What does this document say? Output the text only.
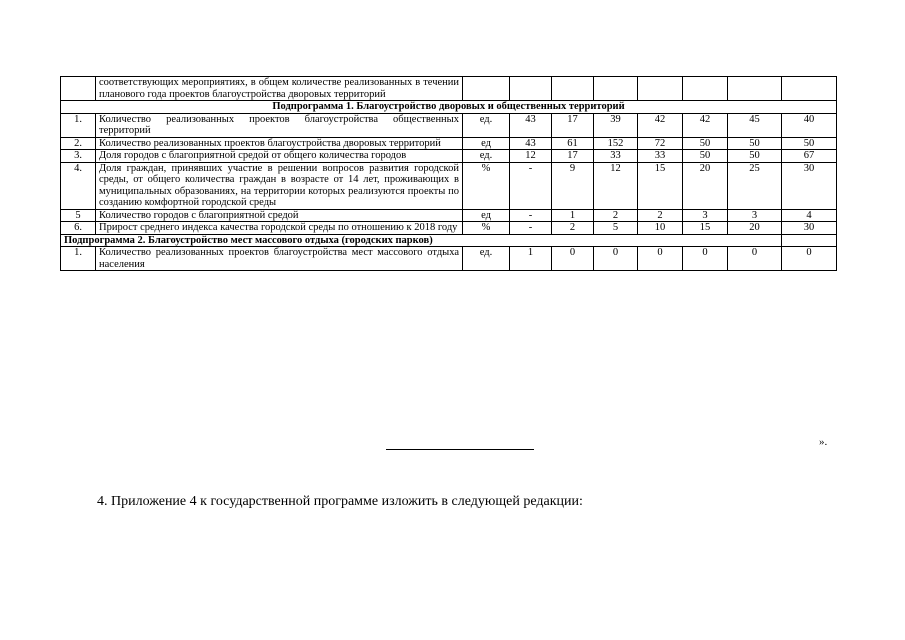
	соответствующих мероприятиях, в общем количестве реализованных в течении планового года проектов благоустройства дворовых территорий								
Подпрограмма 1. Благоустройство дворовых и общественных территорий									
1.	Количество реализованных проектов благоустройства общественных территорий	ед.	43	17	39	42	42	45	40
2.	Количество реализованных проектов благоустройства дворовых территорий	ед	43	61	152	72	50	50	50
3.	Доля городов с благоприятной средой от общего количества городов	ед.	12	17	33	33	50	50	67
4.	Доля граждан, принявших участие в решении вопросов развития городской среды, от общего количества граждан в возрасте от 14 лет, проживающих в муниципальных образованиях, на территории которых реализуются проекты по созданию комфортной городской среды	%	-	9	12	15	20	25	30
5	Количество городов с благоприятной средой	ед	-	1	2	2	3	3	4
6.	Прирост среднего индекса качества городской среды по отношению к 2018 году	%	-	2	5	10	15	20	30
Подпрограмма 2. Благоустройство мест массового отдыха (городских парков)									
1.	Количество реализованных проектов благоустройства мест массового отдыха населения	ед.	1	0	0	0	0	0	0
».
4. Приложение 4 к государственной программе изложить в следующей редакции:
